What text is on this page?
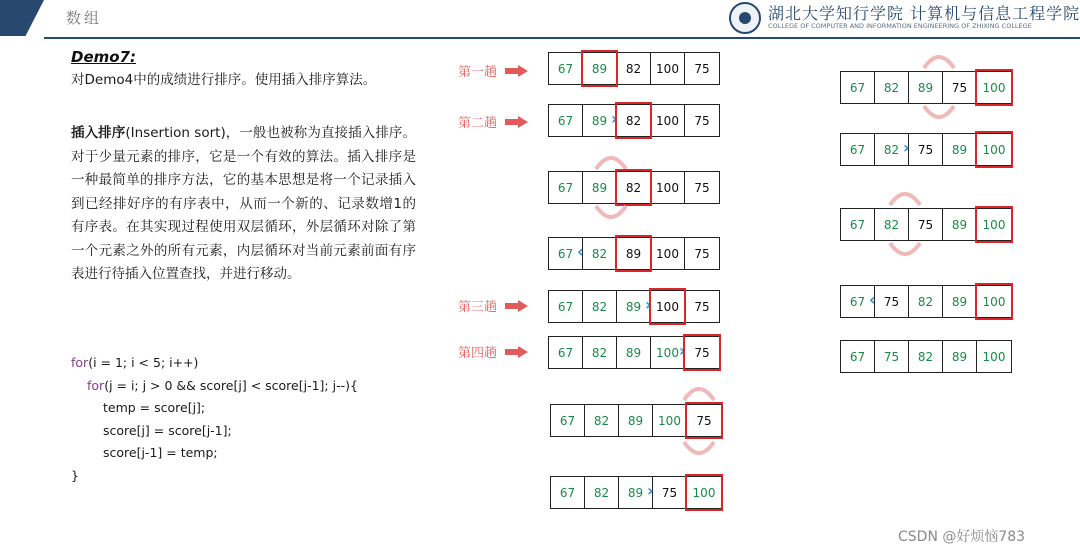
数组	湖北大学知行学院 计算机与信息工程学院
COLLEGE OF COMPUTER AND INFORMATION ENGINEERING OF ZHIXING COLLEGE
Demo7:
对Demo4中的成绩进行排序。使用插入排序算法。
插入排序(Insertion sort)，一般也被称为直接插入排序。对于少量元素的排序，它是一个有效的算法。插入排序是一种最简单的排序方法，它的基本思想是将一个记录插入到已经排好序的有序表中，从而一个新的、记录数增1的有序表。在其实现过程使用双层循环，外层循环对除了第一个元素之外的所有元素，内层循环对当前元素前面有序表进行待插入位置查找，并进行移动。
for(i = 1; i < 5; i++)
for(j = i; j > 0 && score[j] < score[j-1]; j--){
temp = score[j];
score[j] = score[j-1];
score[j-1] = temp;
}
第一趟
第二趟
第三趟
第四趟
67	89	82	100	75
67	89 › 82	100	75
67	89	82	100	75
67 ‹ 82 89	100	75
67	82	89 › 100	75
67	82	89	100 › 75
67	82	89	100	75
67	82	89 › 75 100
67	82	89	75	100
67	82 › 75	89	100
67	82	75	89	100
67 ‹ 75	82	89	100
67	75	82	89	100
CSDN @好烦恼783
